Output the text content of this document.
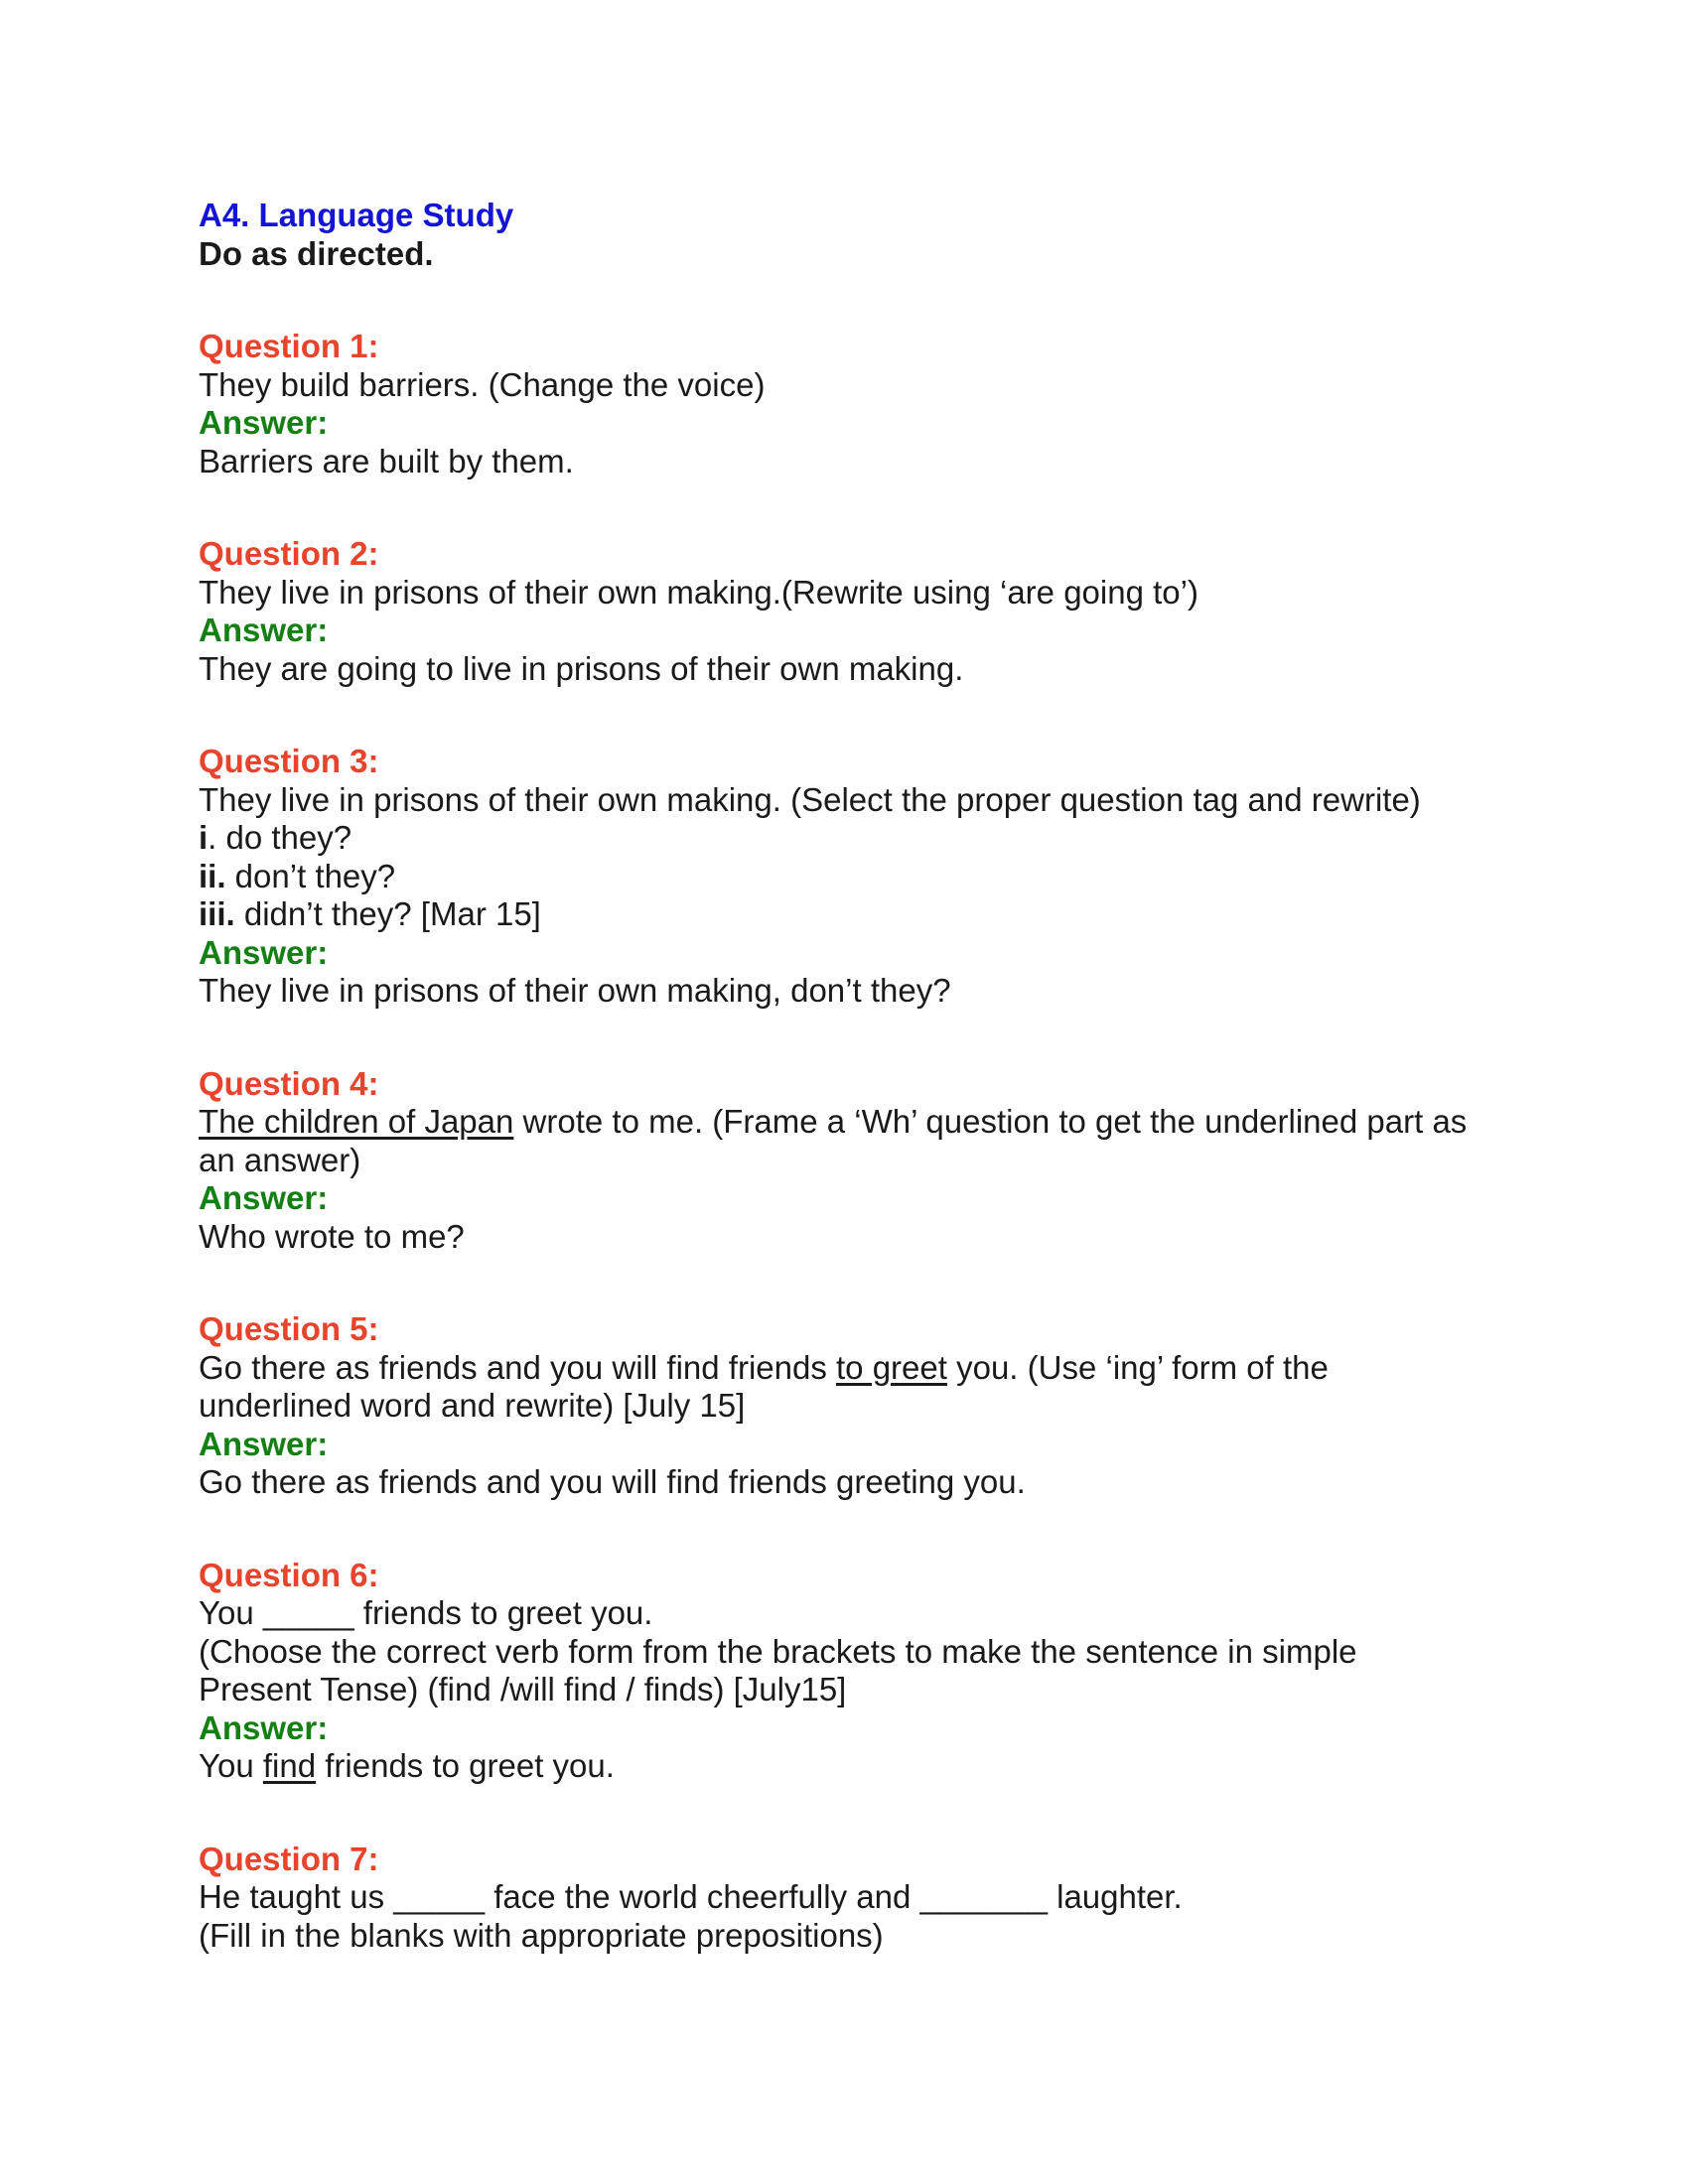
A4. Language Study
Do as directed.
Question 1:
They build barriers. (Change the voice)
Answer:
Barriers are built by them.
Question 2:
They live in prisons of their own making.(Rewrite using ‘are going to’)
Answer:
They are going to live in prisons of their own making.
Question 3:
They live in prisons of their own making. (Select the proper question tag and rewrite)
i. do they?
ii. don’t they?
iii. didn’t they? [Mar 15]
Answer:
They live in prisons of their own making, don’t they?
Question 4:
The children of Japan wrote to me. (Frame a ‘Wh’ question to get the underlined part as
an answer)
Answer:
Who wrote to me?
Question 5:
Go there as friends and you will find friends to greet you. (Use ‘ing’ form of the
underlined word and rewrite) [July 15]
Answer:
Go there as friends and you will find friends greeting you.
Question 6:
You _____ friends to greet you.
(Choose the correct verb form from the brackets to make the sentence in simple
Present Tense) (find /will find / finds) [July15]
Answer:
You find friends to greet you.
Question 7:
He taught us _____ face the world cheerfully and _______ laughter.
(Fill in the blanks with appropriate prepositions)
